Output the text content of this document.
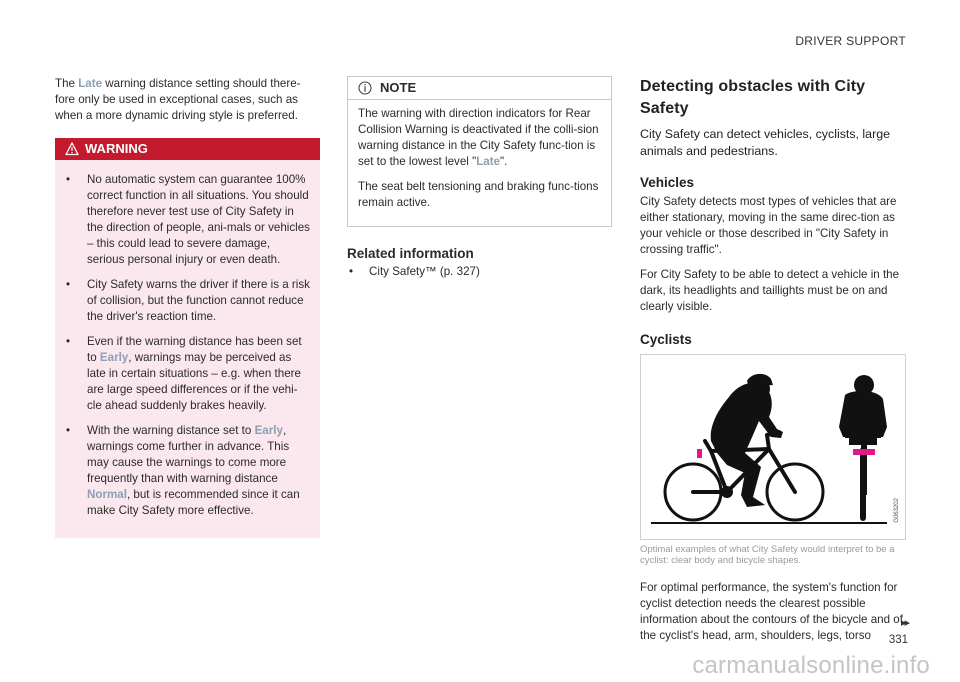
DRIVER SUPPORT

The Late warning distance setting should there-fore only be used in exceptional cases, such as when a more dynamic driving style is preferred.

WARNING
• No automatic system can guarantee 100% correct function in all situations. You should therefore never test use of City Safety in the direction of people, ani-mals or vehicles – this could lead to severe damage, serious personal injury or even death.
• City Safety warns the driver if there is a risk of collision, but the function cannot reduce the driver's reaction time.
• Even if the warning distance has been set to Early, warnings may be perceived as late in certain situations – e.g. when there are large speed differences or if the vehi-cle ahead suddenly brakes heavily.
• With the warning distance set to Early, warnings come further in advance. This may cause the warnings to come more frequently than with warning distance Normal, but is recommended since it can make City Safety more effective.
NOTE

The warning with direction indicators for Rear Collision Warning is deactivated if the colli-sion warning distance in the City Safety func-tion is set to the lowest level "Late".

The seat belt tensioning and braking func-tions remain active.

Related information
• City Safety™ (p. 327)
Detecting obstacles with City Safety

City Safety can detect vehicles, cyclists, large animals and pedestrians.

Vehicles

City Safety detects most types of vehicles that are either stationary, moving in the same direc-tion as your vehicle or those described in "City Safety in crossing traffic".

For City Safety to be able to detect a vehicle in the dark, its headlights and taillights must be on and clearly visible.

Cyclists
G063202
Optimal examples of what City Safety would interpret to be a cyclist: clear body and bicycle shapes.

For optimal performance, the system's function for cyclist detection needs the clearest possible information about the contours of the bicycle and of the cyclist's head, arm, shoulders, legs, torso

▸▸
331
carmanualsonline.info
